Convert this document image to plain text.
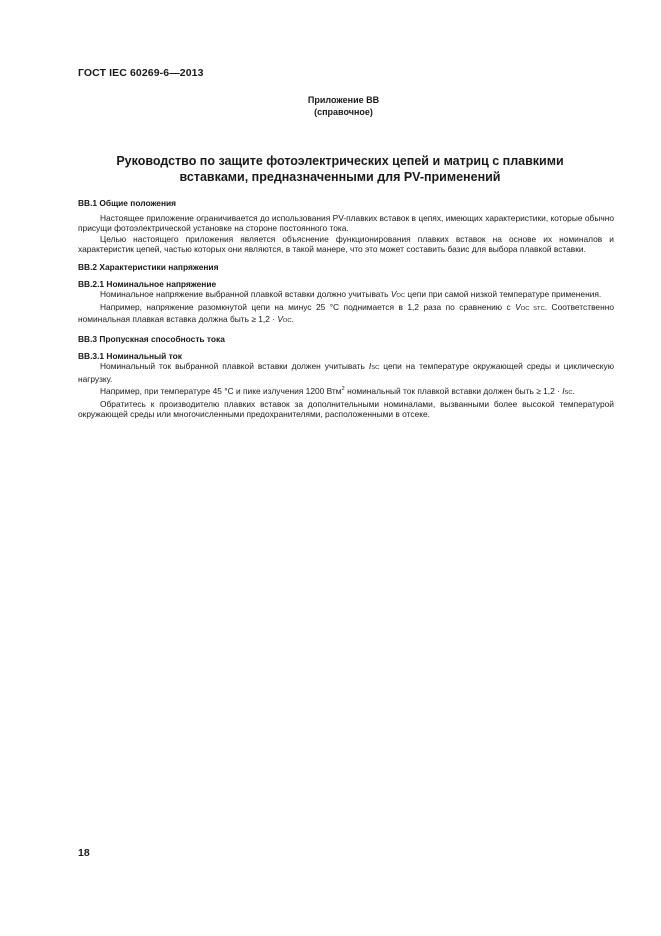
ГОСТ IEC 60269-6—2013
Приложение ВВ
(справочное)
Руководство по защите фотоэлектрических цепей и матриц с плавкими вставками, предназначенными для PV-применений
ВВ.1 Общие положения

Настоящее приложение ограничивается до использования PV-плавких вставок в цепях, имеющих характеристики, которые обычно присущи фотоэлектрической установке на стороне постоянного тока.

Целью настоящего приложения является объяснение функционирования плавких вставок на основе их номиналов и характеристик цепей, частью которых они являются, в такой манере, что это может составить базис для выбора плавкой вставки.

ВВ.2 Характеристики напряжения
ВВ.2.1 Номинальное напряжение

Номинальное напряжение выбранной плавкой вставки должно учитывать VOC цепи при самой низкой температуре применения.

Например, напряжение разомкнутой цепи на минус 25 °С поднимается в 1,2 раза по сравнению с VOC STC. Соответственно номинальная плавкая вставка должна быть ≥ 1,2 · VOC.

ВВ.3 Пропускная способность тока
ВВ.3.1 Номинальный ток

Номинальный ток выбранной плавкой вставки должен учитывать ISC цепи на температуре окружающей среды и циклическую нагрузку.

Например, при температуре 45 °С и пике излучения 1200 Втм$^2$ номинальный ток плавкой вставки должен быть ≥ 1,2 · ISC.

Обратитесь к производителю плавких вставок за дополнительными номиналами, вызванными более высокой температурой окружающей среды или многочисленными предохранителями, расположенными в отсеке.

18
